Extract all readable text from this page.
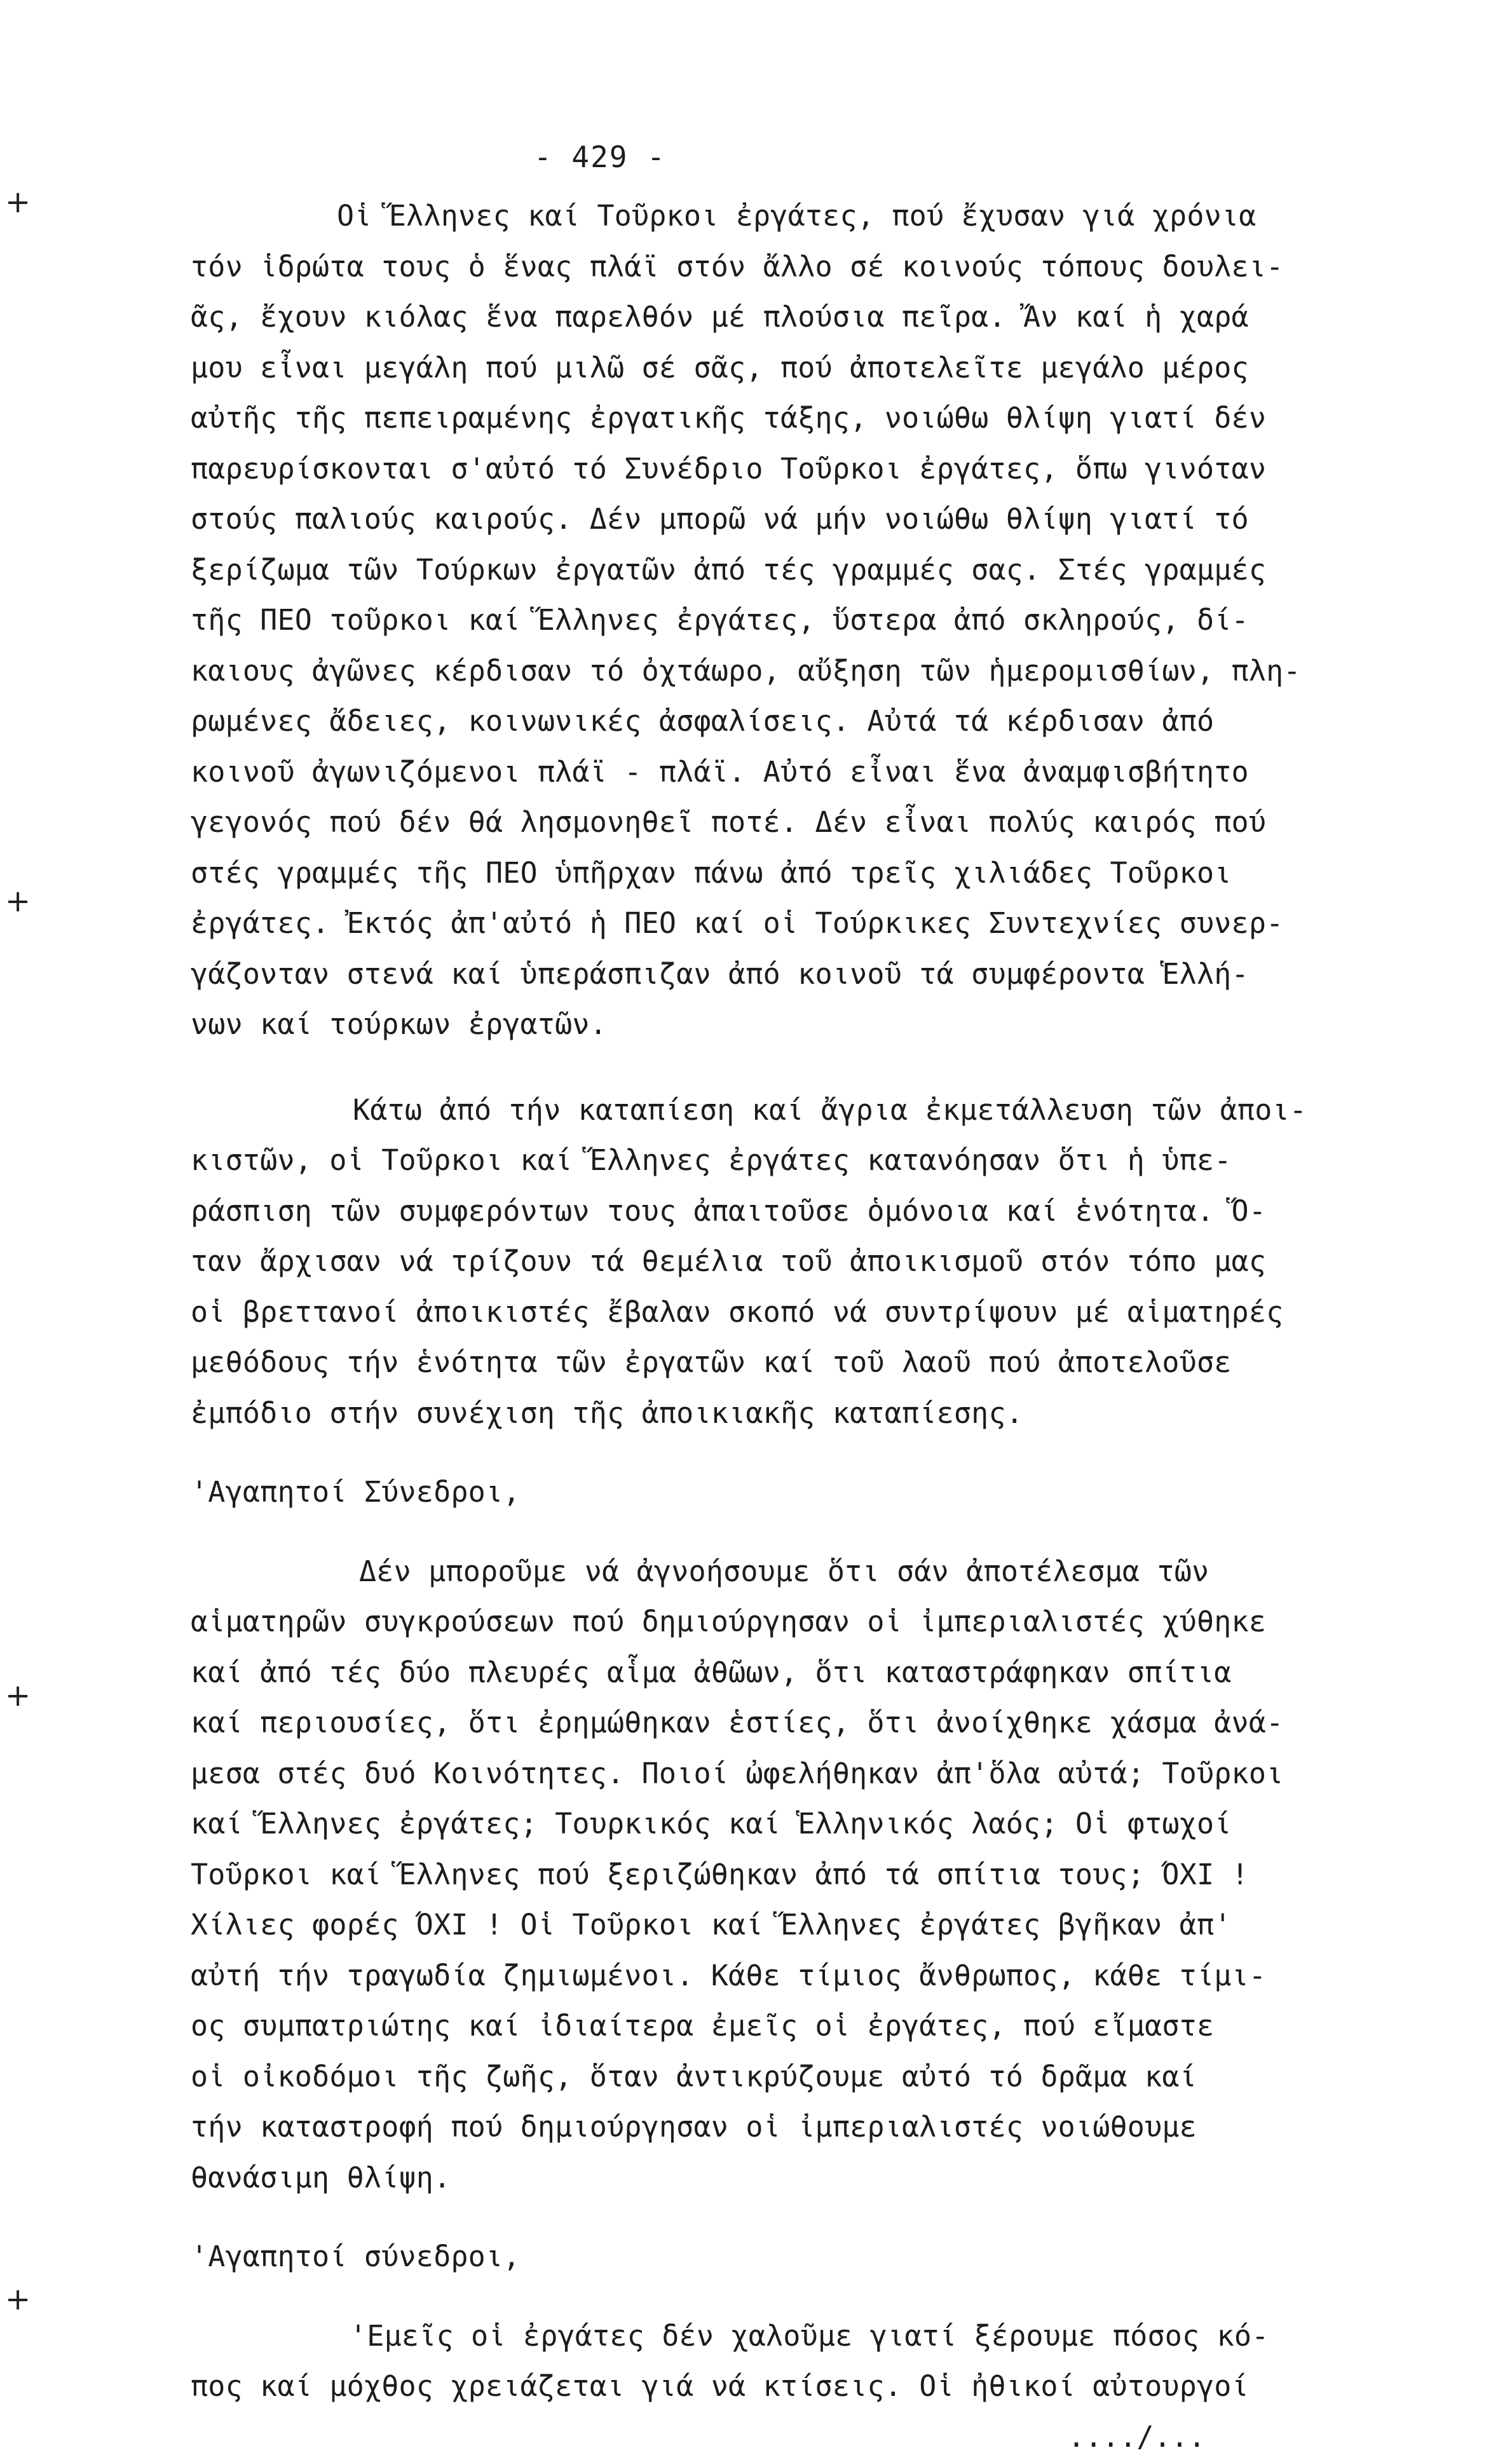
+
+
+
+
- 429 -
Οἱ Ἕλληνες καί Τοῦρκοι ἐργάτες, πού ἔχυσαν γιά χρόνια
τόν ἱδρώτα τους ὁ ἕνας πλάϊ στόν ἄλλο σέ κοινούς τόπους δουλει-
ᾶς, ἔχουν κιόλας ἕνα παρελθόν μέ πλούσια πεῖρα. Ἄν καί ἡ χαρά
μου εἶναι μεγάλη πού μιλῶ σέ σᾶς, πού ἀποτελεῖτε μεγάλο μέρος
αὐτῆς τῆς πεπειραμένης ἐργατικῆς τάξης, νοιώθω θλίψη γιατί δέν
παρευρίσκονται σ'αὐτό τό Συνέδριο Τοῦρκοι ἐργάτες, ὅπω γινόταν
στούς παλιούς καιρούς. Δέν μπορῶ νά μήν νοιώθω θλίψη γιατί τό
ξερίζωμα τῶν Τούρκων ἐργατῶν ἀπό τές γραμμές σας. Στές γραμμές
τῆς ΠΕΟ τοῦρκοι καί Ἕλληνες ἐργάτες, ὕστερα ἀπό σκληρούς, δί-
καιους ἀγῶνες κέρδισαν τό ὀχτάωρο, αὔξηση τῶν ἡμερομισθίων, πλη-
ρωμένες ἄδειες, κοινωνικές ἀσφαλίσεις. Αὐτά τά κέρδισαν ἀπό
κοινοῦ ἀγωνιζόμενοι πλάϊ - πλάϊ. Αὐτό εἶναι ἕνα ἀναμφισβήτητο
γεγονός πού δέν θά λησμονηθεῖ ποτέ. Δέν εἶναι πολύς καιρός πού
στές γραμμές τῆς ΠΕΟ ὑπῆρχαν πάνω ἀπό τρεῖς χιλιάδες Τοῦρκοι
ἐργάτες. Ἐκτός ἀπ'αὐτό ἡ ΠΕΟ καί οἱ Τούρκικες Συντεχνίες συνερ-
γάζονταν στενά καί ὑπεράσπιζαν ἀπό κοινοῦ τά συμφέροντα Ἑλλή-
νων καί τούρκων ἐργατῶν.
Κάτω ἀπό τήν καταπίεση καί ἄγρια ἐκμετάλλευση τῶν ἀποι-
κιστῶν, οἱ Τοῦρκοι καί Ἕλληνες ἐργάτες κατανόησαν ὅτι ἡ ὑπε-
ράσπιση τῶν συμφερόντων τους ἀπαιτοῦσε ὁμόνοια καί ἑνότητα. Ὅ-
ταν ἄρχισαν νά τρίζουν τά θεμέλια τοῦ ἀποικισμοῦ στόν τόπο μας
οἱ βρεττανοί ἀποικιστές ἔβαλαν σκοπό νά συντρίψουν μέ αἱματηρές
μεθόδους τήν ἑνότητα τῶν ἐργατῶν καί τοῦ λαοῦ πού ἀποτελοῦσε
ἐμπόδιο στήν συνέχιση τῆς ἀποικιακῆς καταπίεσης.
'Αγαπητοί Σύνεδροι,
Δέν μποροῦμε νά ἀγνοήσουμε ὅτι σάν ἀποτέλεσμα τῶν
αἱματηρῶν συγκρούσεων πού δημιούργησαν οἱ ἰμπεριαλιστές χύθηκε
καί ἀπό τές δύο πλευρές αἷμα ἀθῶων, ὅτι καταστράφηκαν σπίτια
καί περιουσίες, ὅτι ἐρημώθηκαν ἑστίες, ὅτι ἀνοίχθηκε χάσμα ἀνά-
μεσα στές δυό Κοινότητες. Ποιοί ὠφελήθηκαν ἀπ'ὅλα αὐτά; Τοῦρκοι
καί Ἕλληνες ἐργάτες; Τουρκικός καί Ἑλληνικός λαός; Οἱ φτωχοί
Τοῦρκοι καί Ἕλληνες πού ξεριζώθηκαν ἀπό τά σπίτια τους; ΌΧΙ !
Χίλιες φορές ΌΧΙ ! Οἱ Τοῦρκοι καί Ἕλληνες ἐργάτες βγῆκαν ἀπ'
αὐτή τήν τραγωδία ζημιωμένοι. Κάθε τίμιος ἄνθρωπος, κάθε τίμι-
ος συμπατριώτης καί ἰδιαίτερα ἐμεῖς οἱ ἐργάτες, πού εἴμαστε
οἱ οἰκοδόμοι τῆς ζωῆς, ὅταν ἀντικρύζουμε αὐτό τό δρᾶμα καί
τήν καταστροφή πού δημιούργησαν οἱ ἰμπεριαλιστές νοιώθουμε
θανάσιμη θλίψη.
'Αγαπητοί σύνεδροι,
'Εμεῖς οἱ ἐργάτες δέν χαλοῦμε γιατί ξέρουμε πόσος κό-
πος καί μόχθος χρειάζεται γιά νά κτίσεις. Οἱ ἠθικοί αὐτουργοί
..../...
